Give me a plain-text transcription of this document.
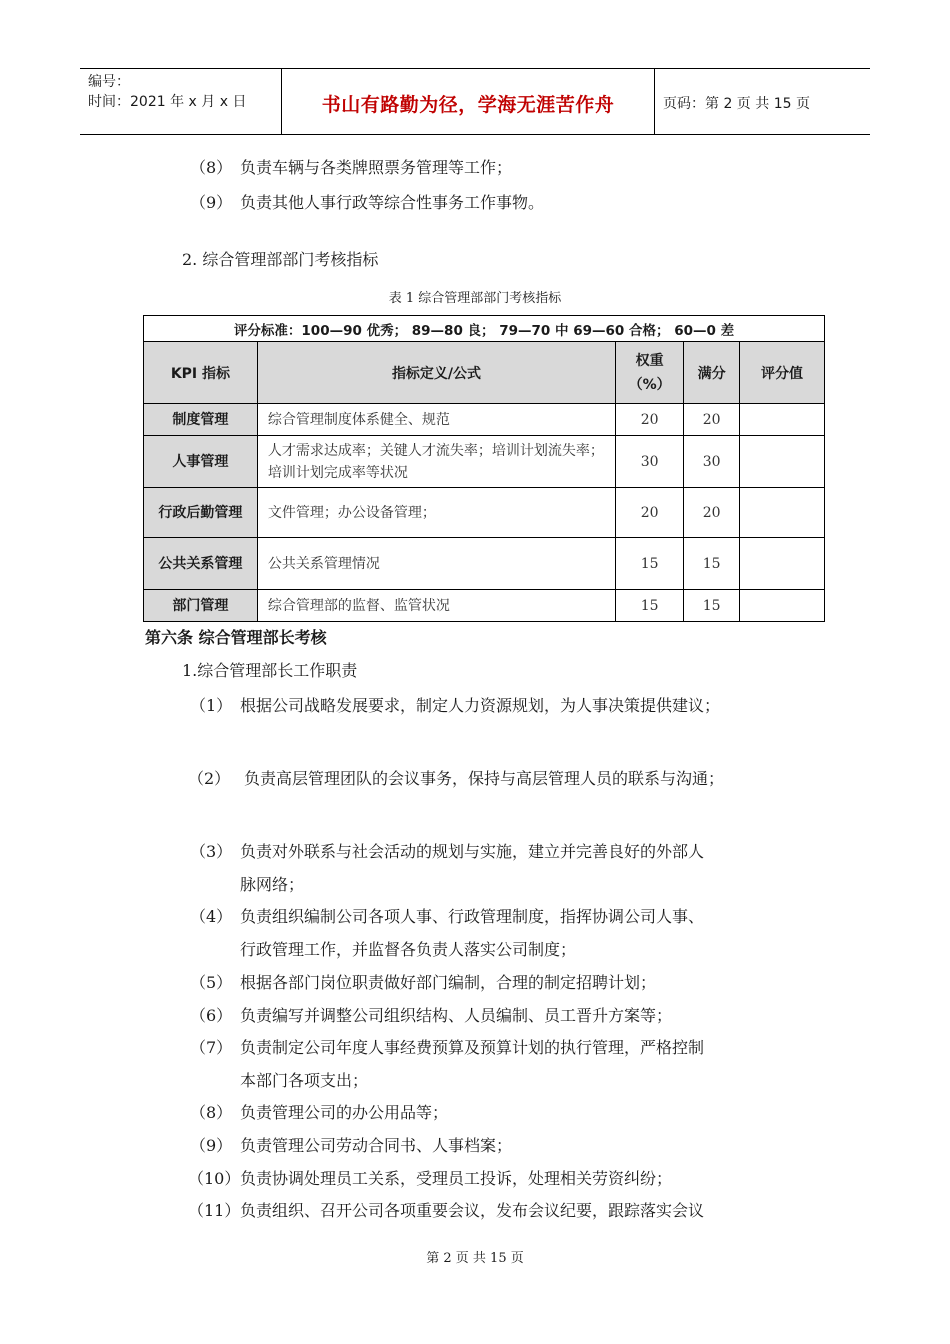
编号：
时间：2021 年 x 月 x 日	书山有路勤为径，学海无涯苦作舟	页码：第 2 页 共 15 页
（8） 负责车辆与各类牌照票务管理等工作；
（9） 负责其他人事行政等综合性事务工作事物。
2. 综合管理部部门考核指标
表 1 综合管理部部门考核指标
评分标准：100—90 优秀； 89—80 良； 79—70 中 69—60 合格； 60—0 差				
KPI 指标	指标定义/公式	权重（%）	满分	评分值
制度管理	综合管理制度体系健全、规范	20	20	
人事管理	人才需求达成率；关键人才流失率；培训计划流失率；培训计划完成率等状况	30	30	
行政后勤管理	文件管理；办公设备管理；	20	20	
公共关系管理	公共关系管理情况	15	15	
部门管理	综合管理部的监督、监管状况	15	15	
第六条 综合管理部长考核
1.综合管理部长工作职责
（1） 根据公司战略发展要求，制定人力资源规划，为人事决策提供建议；
（2） 负责高层管理团队的会议事务，保持与高层管理人员的联系与沟通；
（3） 负责对外联系与社会活动的规划与实施，建立并完善良好的外部人
脉网络；
（4） 负责组织编制公司各项人事、行政管理制度，指挥协调公司人事、
行政管理工作，并监督各负责人落实公司制度；
（5） 根据各部门岗位职责做好部门编制，合理的制定招聘计划；
（6） 负责编写并调整公司组织结构、人员编制、员工晋升方案等；
（7） 负责制定公司年度人事经费预算及预算计划的执行管理，严格控制
本部门各项支出；
（8） 负责管理公司的办公用品等；
（9） 负责管理公司劳动合同书、人事档案；
（10）负责协调处理员工关系，受理员工投诉，处理相关劳资纠纷；
（11）负责组织、召开公司各项重要会议，发布会议纪要，跟踪落实会议
第 2 页 共 15 页
